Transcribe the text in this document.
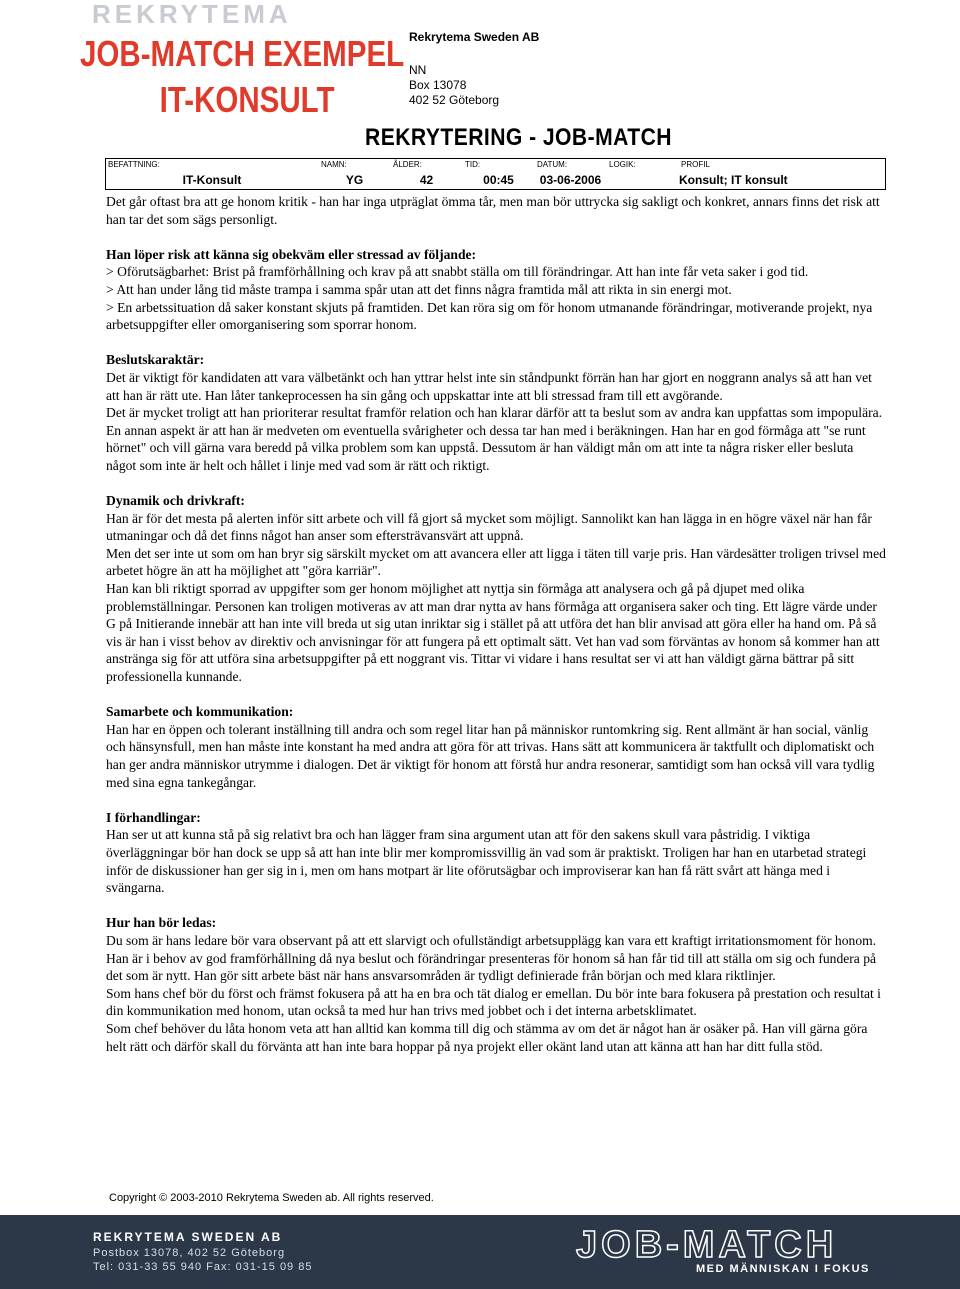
REKRYTEMA
JOB-MATCH EXEMPEL
IT-KONSULT
Rekrytema Sweden AB
NN
Box 13078
402 52 Göteborg
REKRYTERING - JOB-MATCH
BEFATTNING:
IT-Konsult
NAMN:
YG
ÅLDER:
42
TID:
00:45
DATUM:
03-06-2006
LOGIK:	PROFIL
Konsult; IT konsult

Det går oftast bra att ge honom kritik - han har inga utpräglat ömma tår, men man bör uttrycka sig sakligt och konkret, annars finns det risk att han tar det som sägs personligt.

Han löper risk att känna sig obekväm eller stressad av följande:

> Oförutsägbarhet: Brist på framförhållning och krav på att snabbt ställa om till förändringar. Att han inte får veta saker i god tid.

> Att han under lång tid måste trampa i samma spår utan att det finns några framtida mål att rikta in sin energi mot.

> En arbetssituation då saker konstant skjuts på framtiden. Det kan röra sig om för honom utmanande förändringar, motiverande projekt, nya arbetsuppgifter eller omorganisering som sporrar honom.

Beslutskaraktär:

Det är viktigt för kandidaten att vara välbetänkt och han yttrar helst inte sin ståndpunkt förrän han har gjort en noggrann analys så att han vet att han är rätt ute. Han låter tankeprocessen ha sin gång och uppskattar inte att bli stressad fram till ett avgörande.

Det är mycket troligt att han prioriterar resultat framför relation och han klarar därför att ta beslut som av andra kan uppfattas som impopulära.

En annan aspekt är att han är medveten om eventuella svårigheter och dessa tar han med i beräkningen. Han har en god förmåga att "se runt hörnet" och vill gärna vara beredd på vilka problem som kan uppstå. Dessutom är han väldigt mån om att inte ta några risker eller besluta något som inte är helt och hållet i linje med vad som är rätt och riktigt.

Dynamik och drivkraft:

Han är för det mesta på alerten inför sitt arbete och vill få gjort så mycket som möjligt. Sannolikt kan han lägga in en högre växel när han får utmaningar och då det finns något han anser som eftersträvansvärt att uppnå.

Men det ser inte ut som om han bryr sig särskilt mycket om att avancera eller att ligga i täten till varje pris. Han värdesätter troligen trivsel med arbetet högre än att ha möjlighet att "göra karriär".

Han kan bli riktigt sporrad av uppgifter som ger honom möjlighet att nyttja sin förmåga att analysera och gå på djupet med olika problemställningar. Personen kan troligen motiveras av att man drar nytta av hans förmåga att organisera saker och ting. Ett lägre värde under G på Initierande innebär att han inte vill breda ut sig utan inriktar sig i stället på att utföra det han blir anvisad att göra eller ha hand om. På så vis är han i visst behov av direktiv och anvisningar för att fungera på ett optimalt sätt. Vet han vad som förväntas av honom så kommer han att anstränga sig för att utföra sina arbetsuppgifter på ett noggrant vis. Tittar vi vidare i hans resultat ser vi att han väldigt gärna bättrar på sitt professionella kunnande.

Samarbete och kommunikation:

Han har en öppen och tolerant inställning till andra och som regel litar han på människor runtomkring sig. Rent allmänt är han social, vänlig och hänsynsfull, men han måste inte konstant ha med andra att göra för att trivas. Hans sätt att kommunicera är taktfullt och diplomatiskt och han ger andra människor utrymme i dialogen. Det är viktigt för honom att förstå hur andra resonerar, samtidigt som han också vill vara tydlig med sina egna tankegångar.

I förhandlingar:

Han ser ut att kunna stå på sig relativt bra och han lägger fram sina argument utan att för den sakens skull vara påstridig. I viktiga överläggningar bör han dock se upp så att han inte blir mer kompromissvillig än vad som är praktiskt. Troligen har han en utarbetad strategi inför de diskussioner han ger sig in i, men om hans motpart är lite oförutsägbar och improviserar kan han få rätt svårt att hänga med i svängarna.

Hur han bör ledas:

Du som är hans ledare bör vara observant på att ett slarvigt och ofullständigt arbetsupplägg kan vara ett kraftigt irritationsmoment för honom. Han är i behov av god framförhållning då nya beslut och förändringar presenteras för honom så han får tid till att ställa om sig och fundera på det som är nytt. Han gör sitt arbete bäst när hans ansvarsområden är tydligt definierade från början och med klara riktlinjer.

Som hans chef bör du först och främst fokusera på att ha en bra och tät dialog er emellan. Du bör inte bara fokusera på prestation och resultat i din kommunikation med honom, utan också ta med hur han trivs med jobbet och i det interna arbetsklimatet.

Som chef behöver du låta honom veta att han alltid kan komma till dig och stämma av om det är något han är osäker på. Han vill gärna göra helt rätt och därför skall du förvänta att han inte bara hoppar på nya projekt eller okänt land utan att känna att han har ditt fulla stöd.

Copyright © 2003-2010 Rekrytema Sweden ab. All rights reserved.
REKRYTEMA SWEDEN AB
Postbox 13078, 402 52 Göteborg
Tel: 031-33 55 940 Fax: 031-15 09 85
JOB-MATCH
MED MÄNNISKAN I FOKUS
